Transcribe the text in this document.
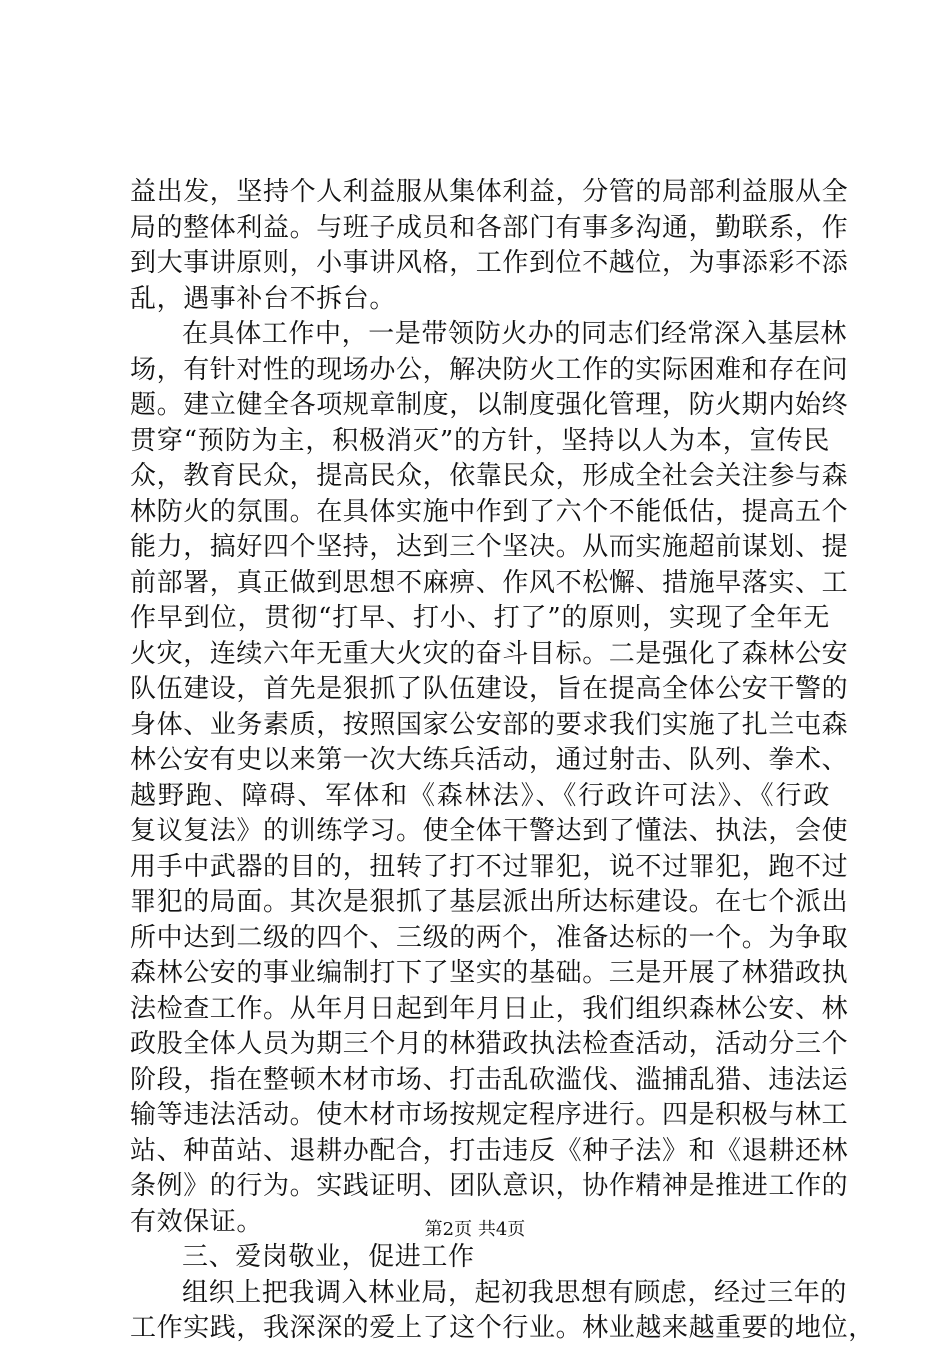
益出发，坚持个人利益服从集体利益，分管的局部利益服从全
局的整体利益。与班子成员和各部门有事多沟通，勤联系，作
到大事讲原则，小事讲风格，工作到位不越位，为事添彩不添
乱，遇事补台不拆台。
在具体工作中，一是带领防火办的同志们经常深入基层林
场，有针对性的现场办公，解决防火工作的实际困难和存在问
题。建立健全各项规章制度，以制度强化管理，防火期内始终
贯穿“预防为主，积极消灭”的方针，坚持以人为本，宣传民
众，教育民众，提高民众，依靠民众，形成全社会关注参与森
林防火的氛围。在具体实施中作到了六个不能低估，提高五个
能力，搞好四个坚持，达到三个坚决。从而实施超前谋划、提
前部署，真正做到思想不麻痹、作风不松懈、措施早落实、工
作早到位，贯彻“打早、打小、打了”的原则，实现了全年无
火灾，连续六年无重大火灾的奋斗目标。二是强化了森林公安
队伍建设，首先是狠抓了队伍建设，旨在提高全体公安干警的
身体、业务素质，按照国家公安部的要求我们实施了扎兰屯森
林公安有史以来第一次大练兵活动，通过射击、队列、拳术、
越野跑、障碍、军体和《森林法》、《行政许可法》、《行政
复议复法》的训练学习。使全体干警达到了懂法、执法，会使
用手中武器的目的，扭转了打不过罪犯，说不过罪犯，跑不过
罪犯的局面。其次是狠抓了基层派出所达标建设。在七个派出
所中达到二级的四个、三级的两个，准备达标的一个。为争取
森林公安的事业编制打下了坚实的基础。三是开展了林猎政执
法检查工作。从年月日起到年月日止，我们组织森林公安、林
政股全体人员为期三个月的林猎政执法检查活动，活动分三个
阶段，指在整顿木材市场、打击乱砍滥伐、滥捕乱猎、违法运
输等违法活动。使木材市场按规定程序进行。四是积极与林工
站、种苗站、退耕办配合，打击违反《种子法》和《退耕还林
条例》的行为。实践证明、团队意识，协作精神是推进工作的
有效保证。
三、爱岗敬业，促进工作
组织上把我调入林业局，起初我思想有顾虑，经过三年的
工作实践，我深深的爱上了这个行业。林业越来越重要的地位，
第2页 共4页
